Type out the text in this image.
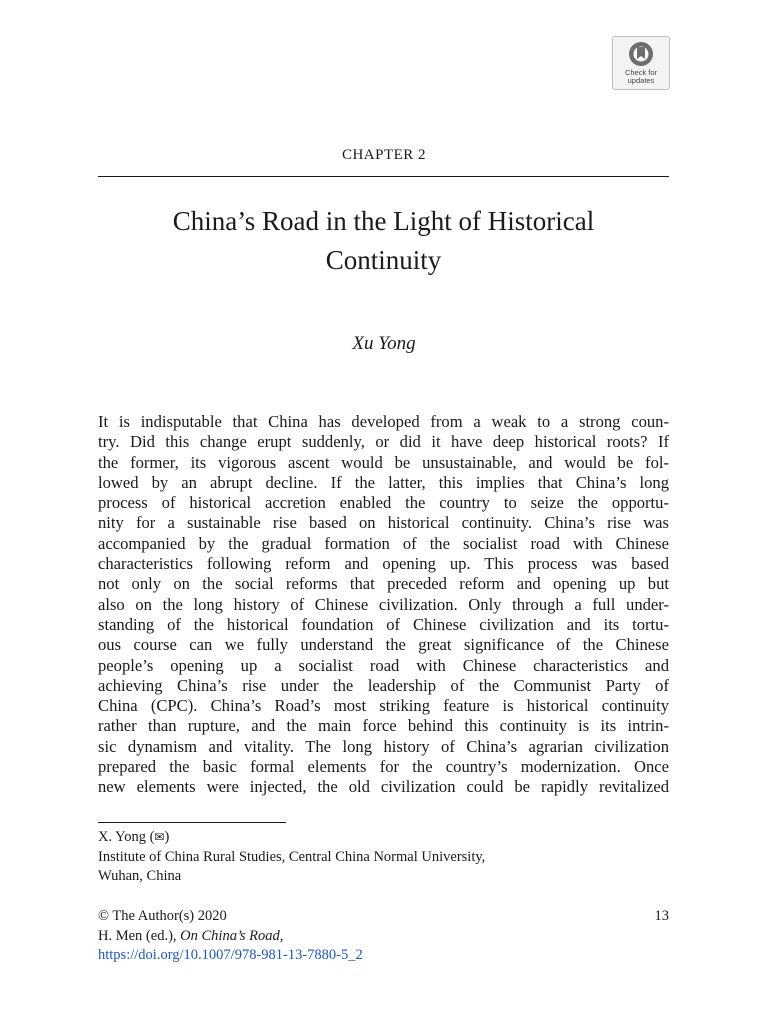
Check for
updates
CHAPTER 2
China’s Road in the Light of Historical
Continuity
Xu Yong
It is indisputable that China has developed from a weak to a strong coun-
try. Did this change erupt suddenly, or did it have deep historical roots? If
the former, its vigorous ascent would be unsustainable, and would be fol-
lowed by an abrupt decline. If the latter, this implies that China’s long
process of historical accretion enabled the country to seize the opportu-
nity for a sustainable rise based on historical continuity. China’s rise was
accompanied by the gradual formation of the socialist road with Chinese
characteristics following reform and opening up. This process was based
not only on the social reforms that preceded reform and opening up but
also on the long history of Chinese civilization. Only through a full under-
standing of the historical foundation of Chinese civilization and its tortu-
ous course can we fully understand the great significance of the Chinese
people’s opening up a socialist road with Chinese characteristics and
achieving China’s rise under the leadership of the Communist Party of
China (CPC). China’s Road’s most striking feature is historical continuity
rather than rupture, and the main force behind this continuity is its intrin-
sic dynamism and vitality. The long history of China’s agrarian civilization
prepared the basic formal elements for the country’s modernization. Once
new elements were injected, the old civilization could be rapidly revitalized
X. Yong (✉)
Institute of China Rural Studies, Central China Normal University,
Wuhan, China
13
© The Author(s) 2020
H. Men (ed.), On China’s Road,
https://doi.org/10.1007/978-981-13-7880-5_2
